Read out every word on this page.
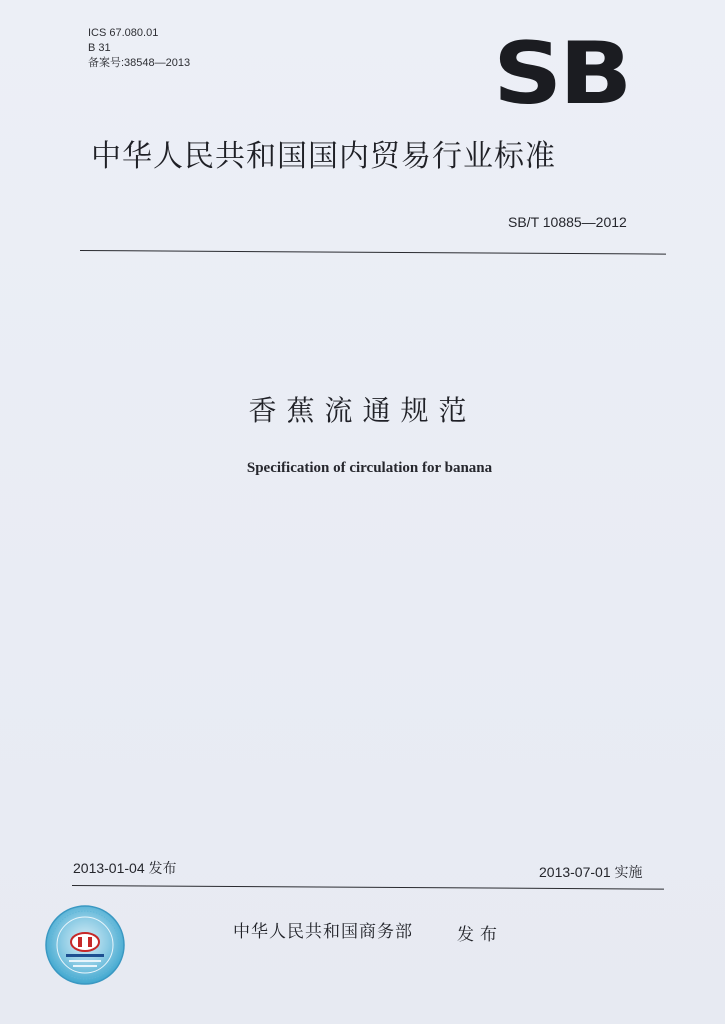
ICS 67.080.01
B 31
备案号:38548—2013	SB
中华人民共和国国内贸易行业标准
SB/T 10885—2012
香蕉流通规范
Specification of circulation for banana
2013-01-04 发布	2013-07-01 实施
中华人民共和国商务部	发布
